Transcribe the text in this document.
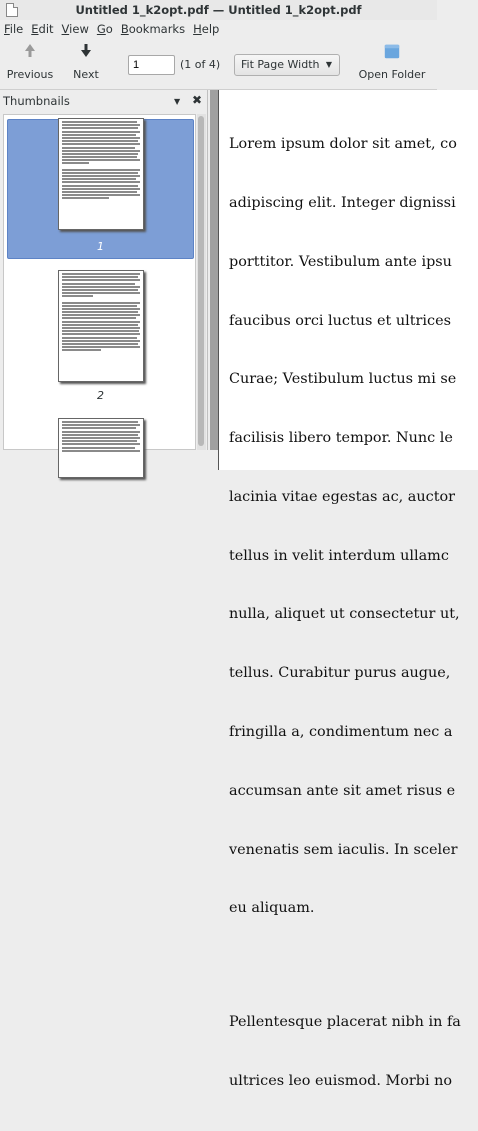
Untitled 1_k2opt.pdf — Untitled 1_k2opt.pdf
File Edit View Go Bookmarks Help
Previous	Next	Open Folder
1
(1 of 4)	Fit Page Width ▼
Thumbnails	▼ ✖
1
2

Lorem ipsum dolor sit amet, co

adipiscing elit. Integer dignissi

porttitor. Vestibulum ante ipsu

faucibus orci luctus et ultrices

Curae; Vestibulum luctus mi se

facilisis libero tempor. Nunc le

lacinia vitae egestas ac, auctor

tellus in velit interdum ullamc

nulla, aliquet ut consectetur ut,

tellus. Curabitur purus augue,

fringilla a, condimentum nec a

accumsan ante sit amet risus e

venenatis sem iaculis. In sceler

eu aliquam.

Pellentesque placerat nibh in fa

ultrices leo euismod. Morbi no
